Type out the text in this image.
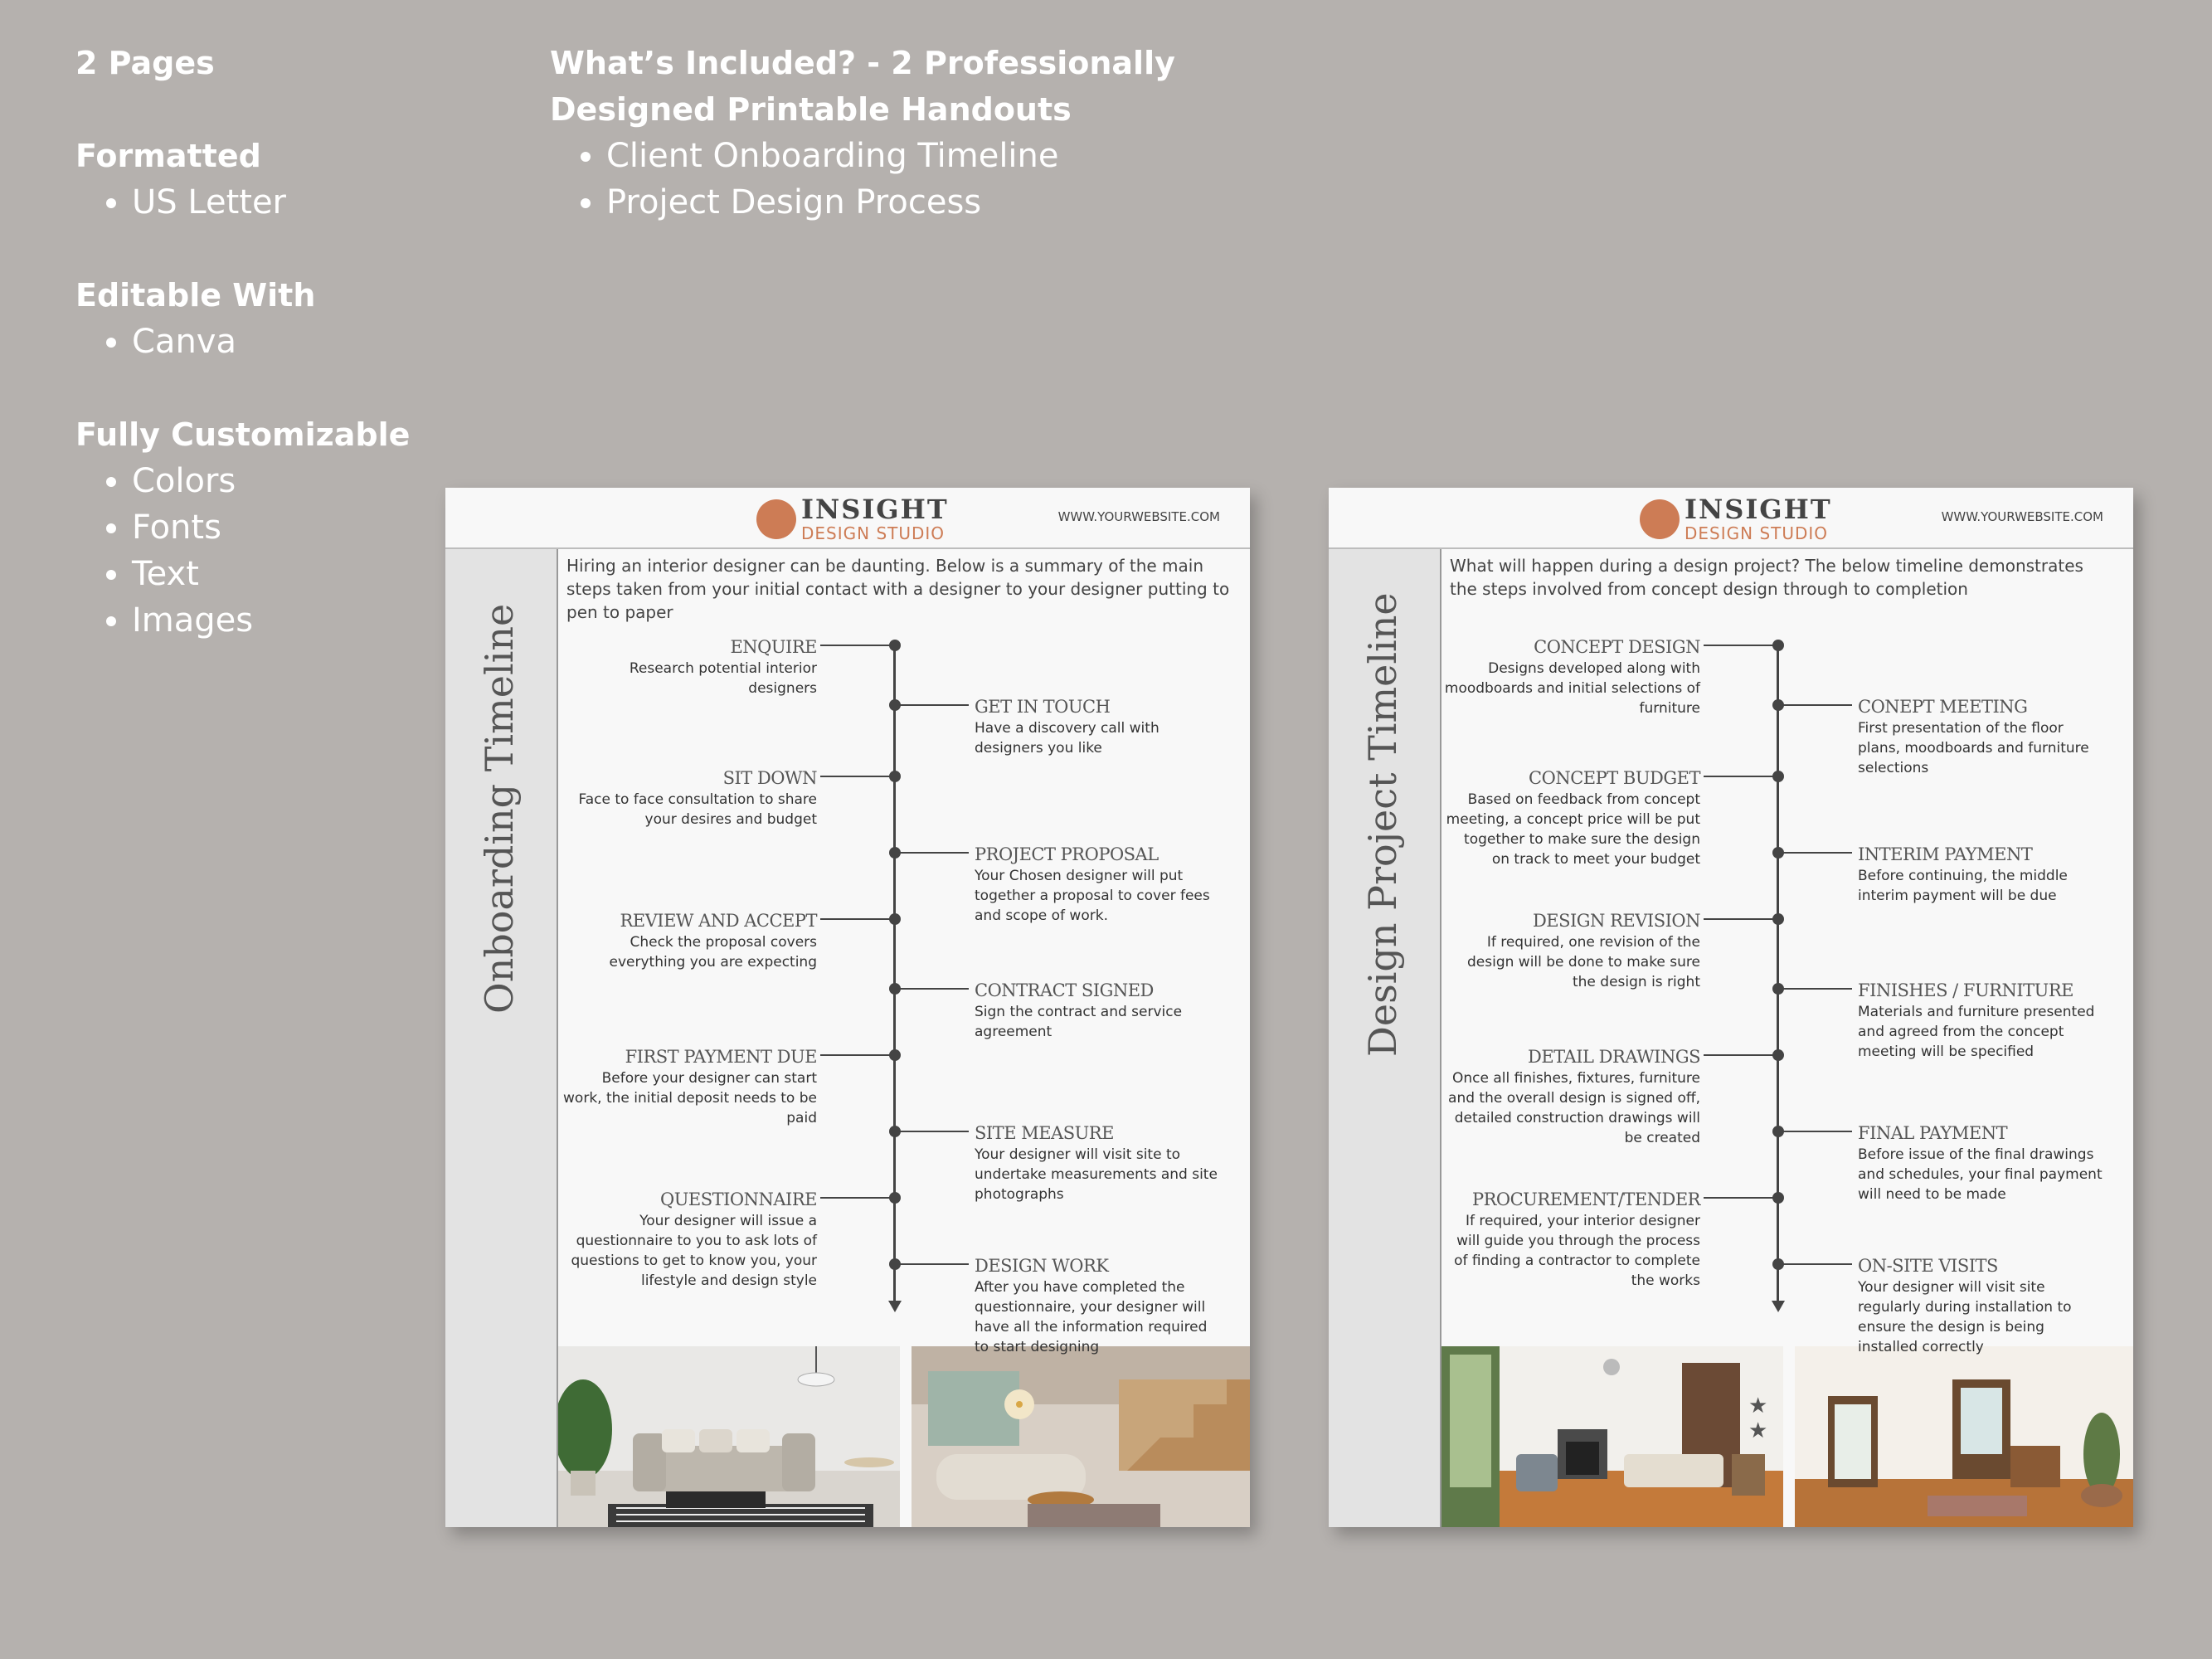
2 Pages
Formatted
• US Letter
Editable With
• Canva
Fully Customizable
• Colors
• Fonts
• Text
• Images
What’s Included? - 2 Professionally
Designed Printable Handouts
• Client Onboarding Timeline
• Project Design Process
INSIGHT
DESIGN STUDIO
WWW.YOURWEBSITE.COM
Onboarding Timeline
Hiring an interior designer can be daunting. Below is a summary of the main steps taken from your initial contact with a designer to your designer putting to pen to paper
ENQUIRE
Research potential interior designers
GET IN TOUCH
Have a discovery call with designers you like
SIT DOWN
Face to face consultation to share your desires and budget
PROJECT PROPOSAL
Your Chosen designer will put together a proposal to cover fees and scope of work.
REVIEW AND ACCEPT
Check the proposal covers everything you are expecting
CONTRACT SIGNED
Sign the contract and service agreement
FIRST PAYMENT DUE
Before your designer can start work, the initial deposit needs to be paid
SITE MEASURE
Your designer will visit site to undertake measurements and site photographs
QUESTIONNAIRE
Your designer will issue a questionnaire to you to ask lots of questions to get to know you, your lifestyle and design style
DESIGN WORK
After you have completed the questionnaire, your designer will have all the information required to start designing
INSIGHT
DESIGN STUDIO
WWW.YOURWEBSITE.COM
Design Project Timeline
What will happen during a design project? The below timeline demonstrates the steps involved from concept design through to completion
★
★
CONCEPT DESIGN
Designs developed along with moodboards and initial selections of furniture	CONEPT MEETING
First presentation of the floor plans, moodboards and furniture selections
CONCEPT BUDGET
Based on feedback from concept meeting, a concept price will be put together to make sure the design on track to meet your budget	INTERIM PAYMENT
Before continuing, the middle interim payment will be due
DESIGN REVISION
If required, one revision of the design will be done to make sure the design is right	FINISHES / FURNITURE
Materials and furniture presented and agreed from the concept meeting will be specified
DETAIL DRAWINGS
Once all finishes, fixtures, furniture and the overall design is signed off, detailed construction drawings will be created	FINAL PAYMENT
Before issue of the final drawings and schedules, your final payment will need to be made
PROCUREMENT/TENDER
If required, your interior designer will guide you through the process of finding a contractor to complete the works
ON-SITE VISITS
Your designer will visit site regularly during installation to ensure the design is being installed correctly
